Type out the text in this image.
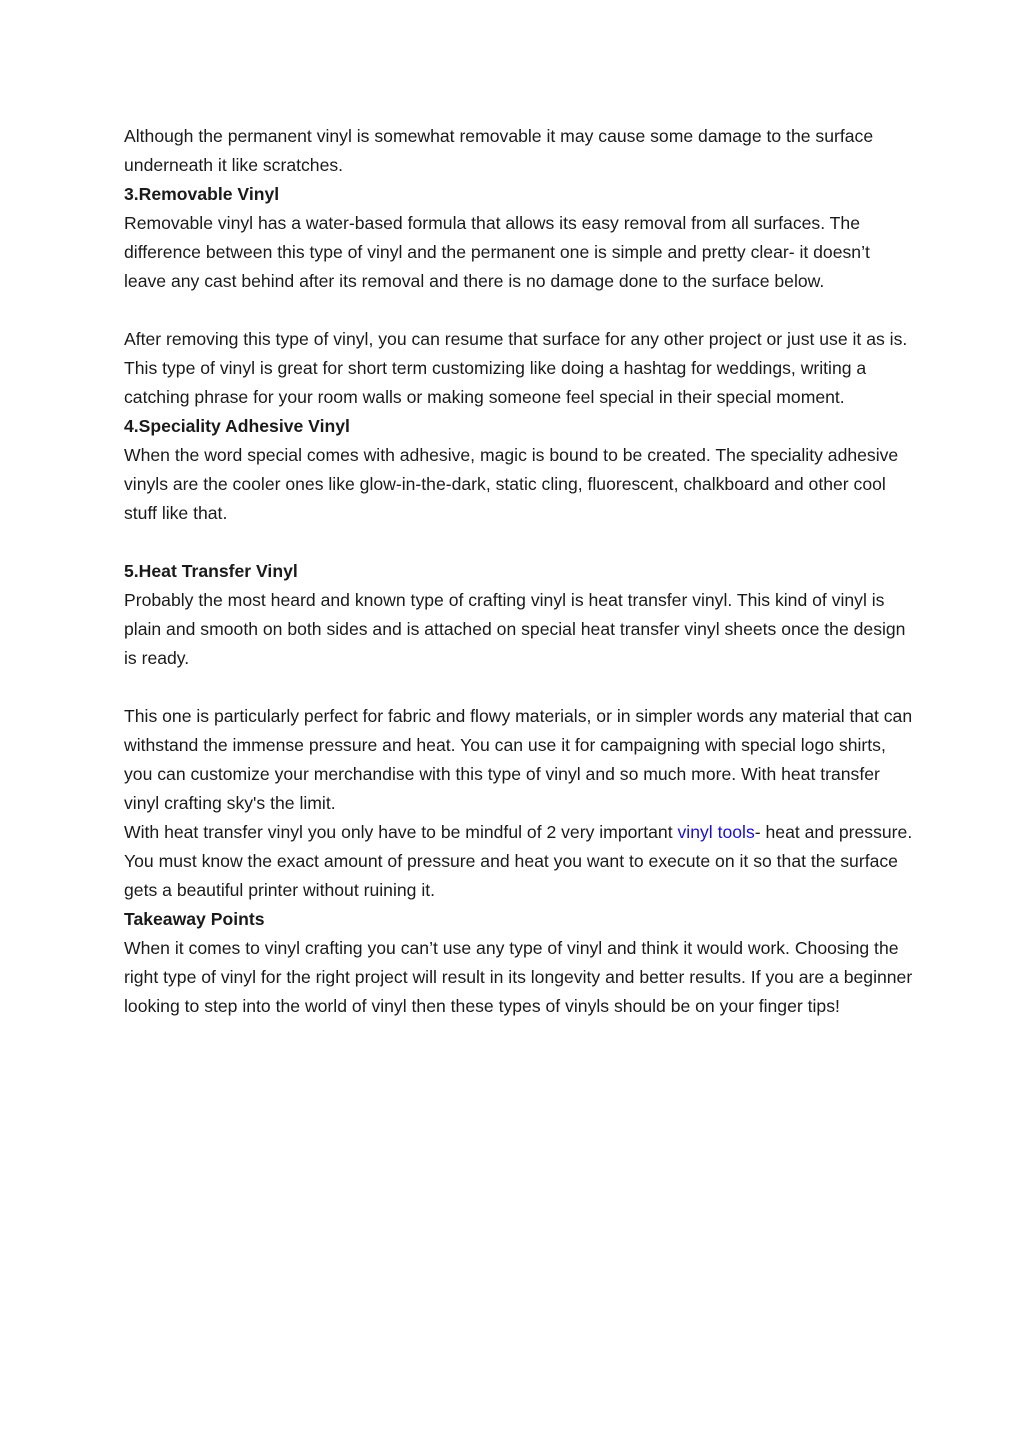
Although the permanent vinyl is somewhat removable it may cause some damage to the surface underneath it like scratches.

3.Removable Vinyl

Removable vinyl has a water-based formula that allows its easy removal from all surfaces. The difference between this type of vinyl and the permanent one is simple and pretty clear- it doesn’t leave any cast behind after its removal and there is no damage done to the surface below.

After removing this type of vinyl, you can resume that surface for any other project or just use it as is. This type of vinyl is great for short term customizing like doing a hashtag for weddings, writing a catching phrase for your room walls or making someone feel special in their special moment.

4.Speciality Adhesive Vinyl

When the word special comes with adhesive, magic is bound to be created. The speciality adhesive vinyls are the cooler ones like glow-in-the-dark, static cling, fluorescent, chalkboard and other cool stuff like that.

5.Heat Transfer Vinyl

Probably the most heard and known type of crafting vinyl is heat transfer vinyl. This kind of vinyl is plain and smooth on both sides and is attached on special heat transfer vinyl sheets once the design is ready.

This one is particularly perfect for fabric and flowy materials, or in simpler words any material that can withstand the immense pressure and heat. You can use it for campaigning with special logo shirts, you can customize your merchandise with this type of vinyl and so much more. With heat transfer vinyl crafting sky's the limit.

With heat transfer vinyl you only have to be mindful of 2 very important vinyl tools- heat and pressure. You must know the exact amount of pressure and heat you want to execute on it so that the surface gets a beautiful printer without ruining it.

Takeaway Points

When it comes to vinyl crafting you can’t use any type of vinyl and think it would work. Choosing the right type of vinyl for the right project will result in its longevity and better results. If you are a beginner looking to step into the world of vinyl then these types of vinyls should be on your finger tips!
